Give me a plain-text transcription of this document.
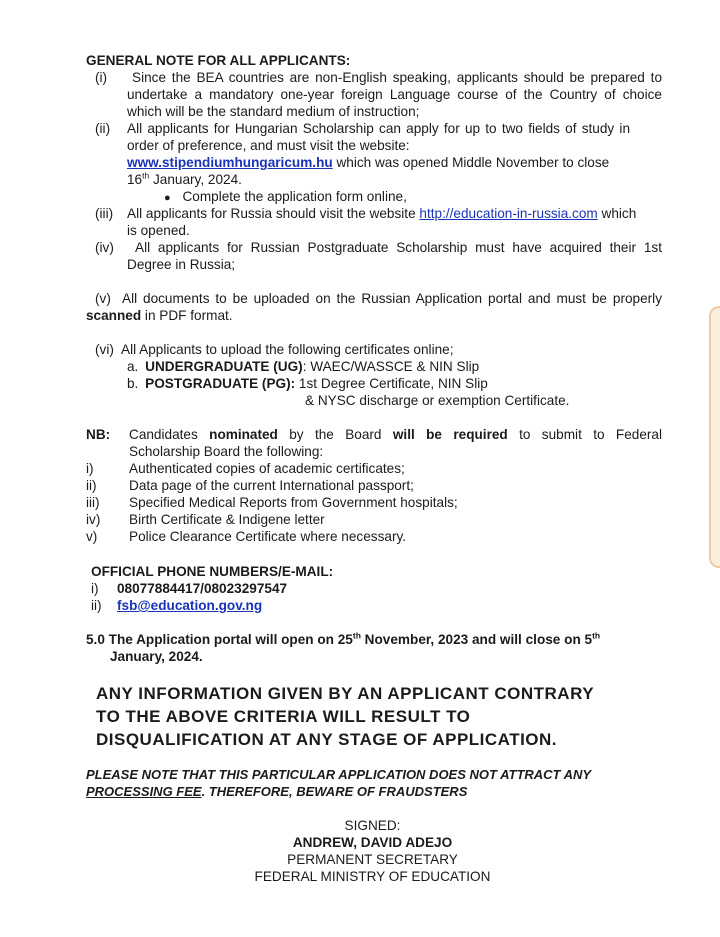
GENERAL NOTE FOR ALL APPLICANTS:
(i)	Since the BEA countries are non-English speaking, applicants should be prepared to
undertake a mandatory one-year foreign Language course of the Country of choice
which will be the standard medium of instruction;
(ii) All applicants for Hungarian Scholarship can apply for up to two fields of study in
order of preference, and must visit the website:
www.stipendiumhungaricum.hu which was opened Middle November to close
16th January, 2024.
● Complete the application form online,
(iii) All applicants for Russia should visit the website http://education-in-russia.com which
is opened.
(iv)	All applicants for Russian Postgraduate Scholarship must have acquired their 1st
Degree in Russia;
(v) All documents to be uploaded on the Russian Application portal and must be properly
scanned in PDF format.
(vi) All Applicants to upload the following certificates online;
a. UNDERGRADUATE (UG): WAEC/WASSCE & NIN Slip
b. POSTGRADUATE (PG): 1st Degree Certificate, NIN Slip
& NYSC discharge or exemption Certificate.
NB: Candidates nominated by the Board will be required to submit to Federal
Scholarship Board the following:
i)	Authenticated copies of academic certificates;
ii) Data page of the current International passport;
iii) Specified Medical Reports from Government hospitals;
iv) Birth Certificate & Indigene letter
v) Police Clearance Certificate where necessary.
OFFICIAL PHONE NUMBERS/E-MAIL:
i) 08077884417/08023297547
ii) fsb@education.gov.ng
5.0 The Application portal will open on 25th November, 2023 and will close on 5th
January, 2024.
ANY INFORMATION GIVEN BY AN APPLICANT CONTRARY
TO THE ABOVE CRITERIA WILL RESULT TO
DISQUALIFICATION AT ANY STAGE OF APPLICATION.
PLEASE NOTE THAT THIS PARTICULAR APPLICATION DOES NOT ATTRACT ANY
PROCESSING FEE. THEREFORE, BEWARE OF FRAUDSTERS
SIGNED:
ANDREW, DAVID ADEJO
PERMANENT SECRETARY
FEDERAL MINISTRY OF EDUCATION
